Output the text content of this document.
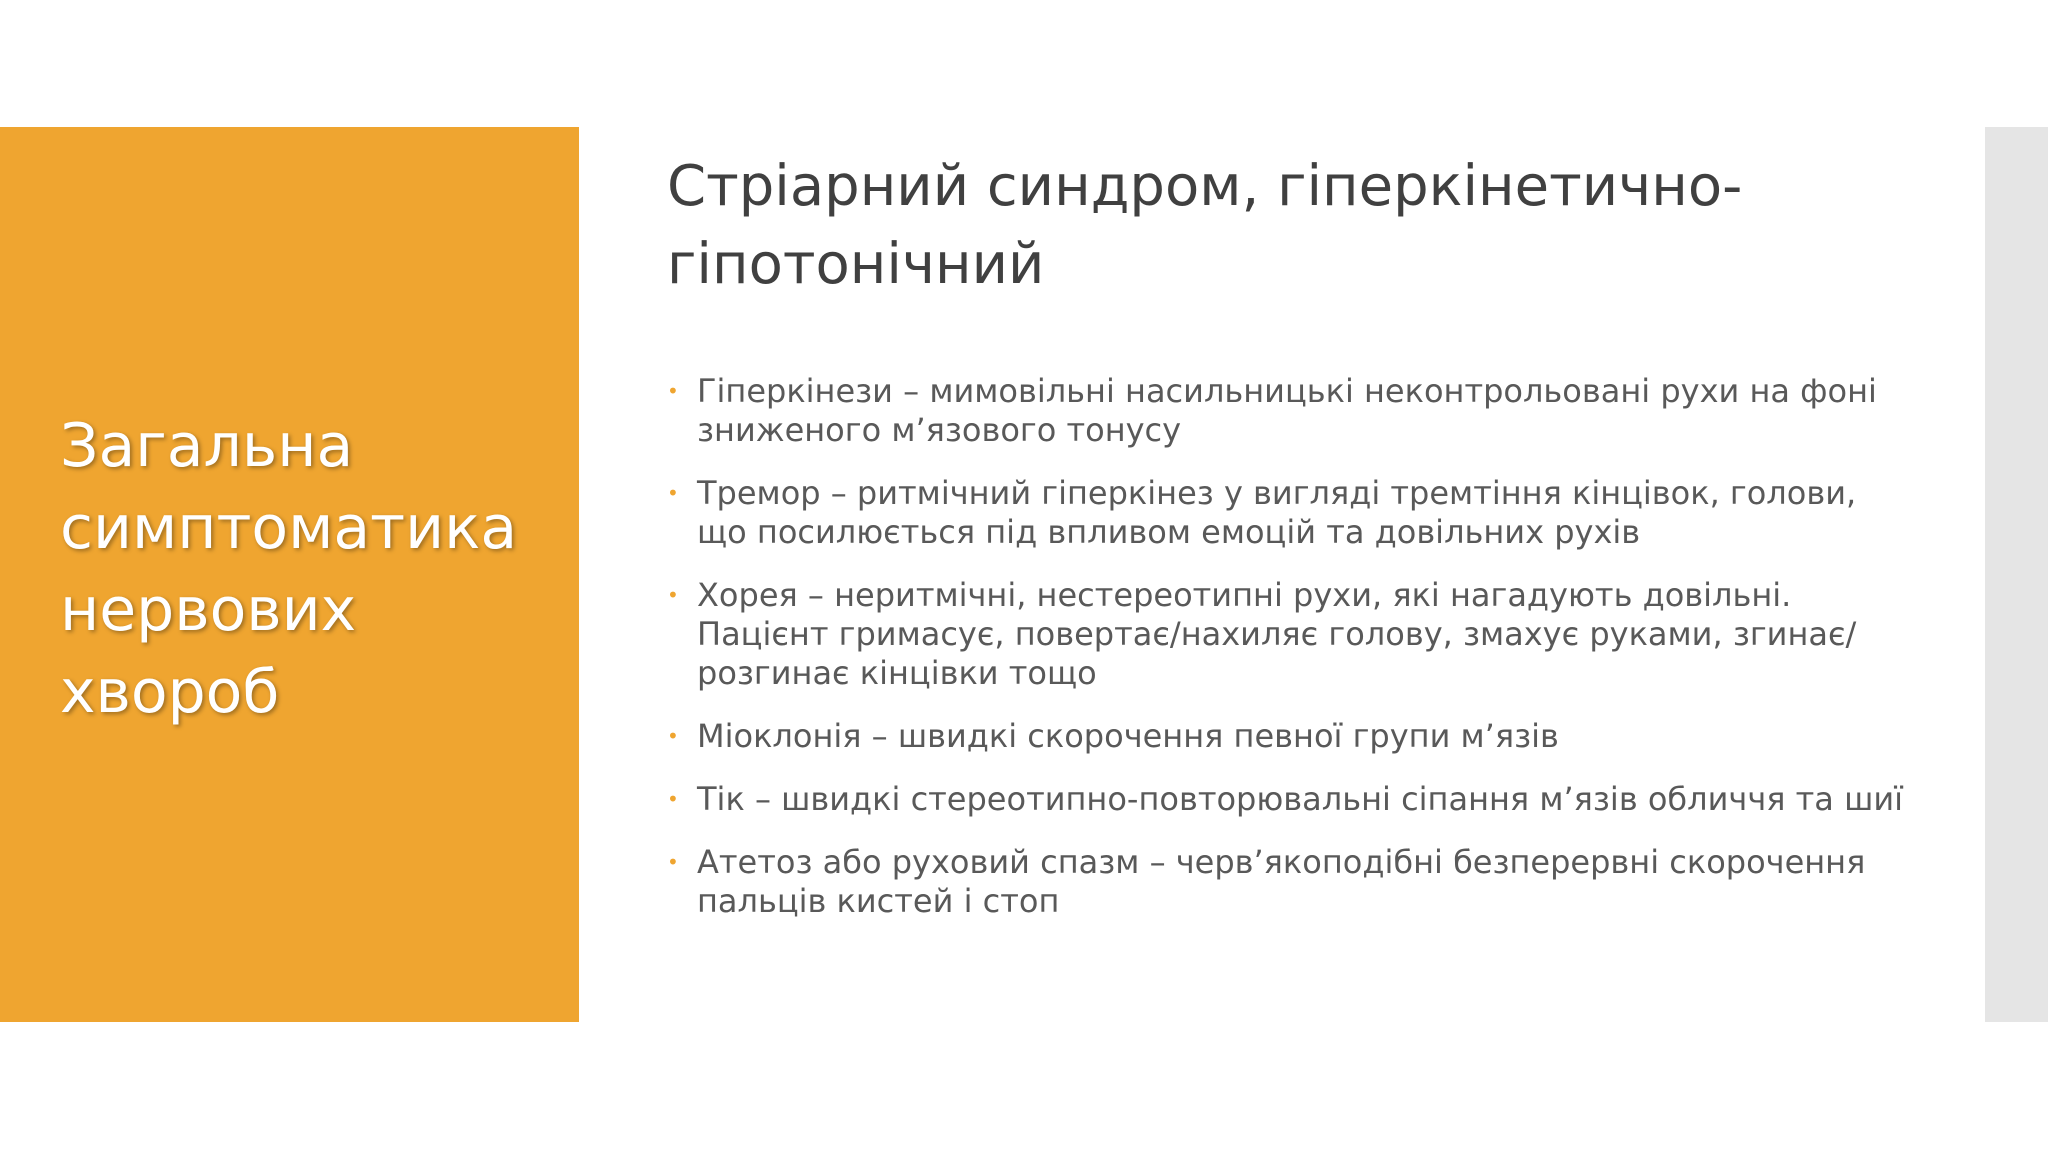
Загальна
симптоматика
нервових
хвороб
Стріарний синдром, гіперкінетично-гіпотонічний
• Гіперкінези – мимовільні насильницькі неконтрольовані рухи на фоні зниженого м’язового тонусу
• Тремор – ритмічний гіперкінез у вигляді тремтіння кінцівок, голови, що посилюється під впливом емоцій та довільних рухів
• Хорея – неритмічні, нестереотипні рухи, які нагадують довільні. Пацієнт гримасує, повертає/нахиляє голову, змахує руками, згинає/розгинає кінцівки тощо
• Міоклонія – швидкі скорочення певної групи м’язів
• Тік – швидкі стереотипно-повторювальні сіпання м’язів обличчя та шиї
• Атетоз або руховий спазм – черв’якоподібні безперервні скорочення пальців кистей і стоп
